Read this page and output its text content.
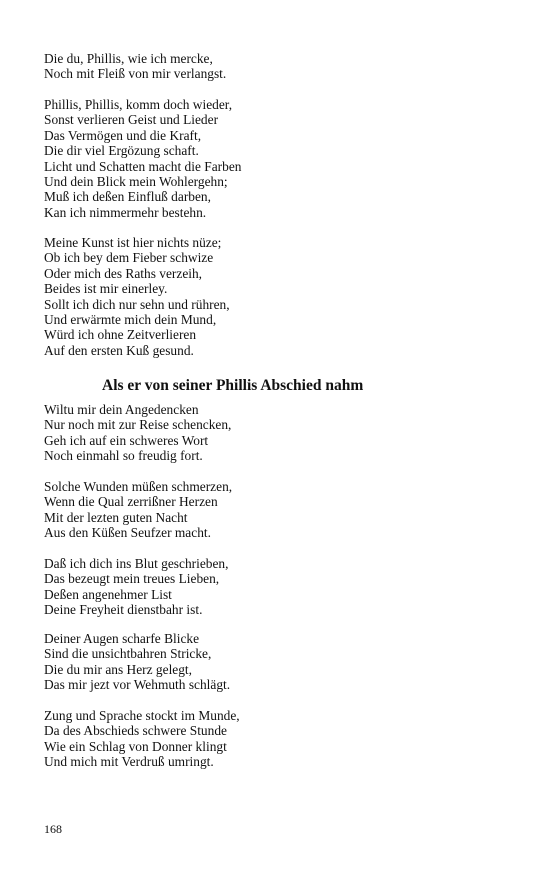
Die du, Phillis, wie ich mercke,
Noch mit Fleiß von mir verlangst.
Phillis, Phillis, komm doch wieder,
Sonst verlieren Geist und Lieder
Das Vermögen und die Kraft,
Die dir viel Ergözung schaft.
Licht und Schatten macht die Farben
Und dein Blick mein Wohlergehn;
Muß ich deßen Einfluß darben,
Kan ich nimmermehr bestehn.
Meine Kunst ist hier nichts nüze;
Ob ich bey dem Fieber schwize
Oder mich des Raths verzeih,
Beides ist mir einerley.
Sollt ich dich nur sehn und rühren,
Und erwärmte mich dein Mund,
Würd ich ohne Zeitverlieren
Auf den ersten Kuß gesund.
Als er von seiner Phillis Abschied nahm
Wiltu mir dein Angedencken
Nur noch mit zur Reise schencken,
Geh ich auf ein schweres Wort
Noch einmahl so freudig fort.
Solche Wunden müßen schmerzen,
Wenn die Qual zerrißner Herzen
Mit der lezten guten Nacht
Aus den Küßen Seufzer macht.
Daß ich dich ins Blut geschrieben,
Das bezeugt mein treues Lieben,
Deßen angenehmer List
Deine Freyheit dienstbahr ist.
Deiner Augen scharfe Blicke
Sind die unsichtbahren Stricke,
Die du mir ans Herz gelegt,
Das mir jezt vor Wehmuth schlägt.
Zung und Sprache stockt im Munde,
Da des Abschieds schwere Stunde
Wie ein Schlag von Donner klingt
Und mich mit Verdruß umringt.
168
